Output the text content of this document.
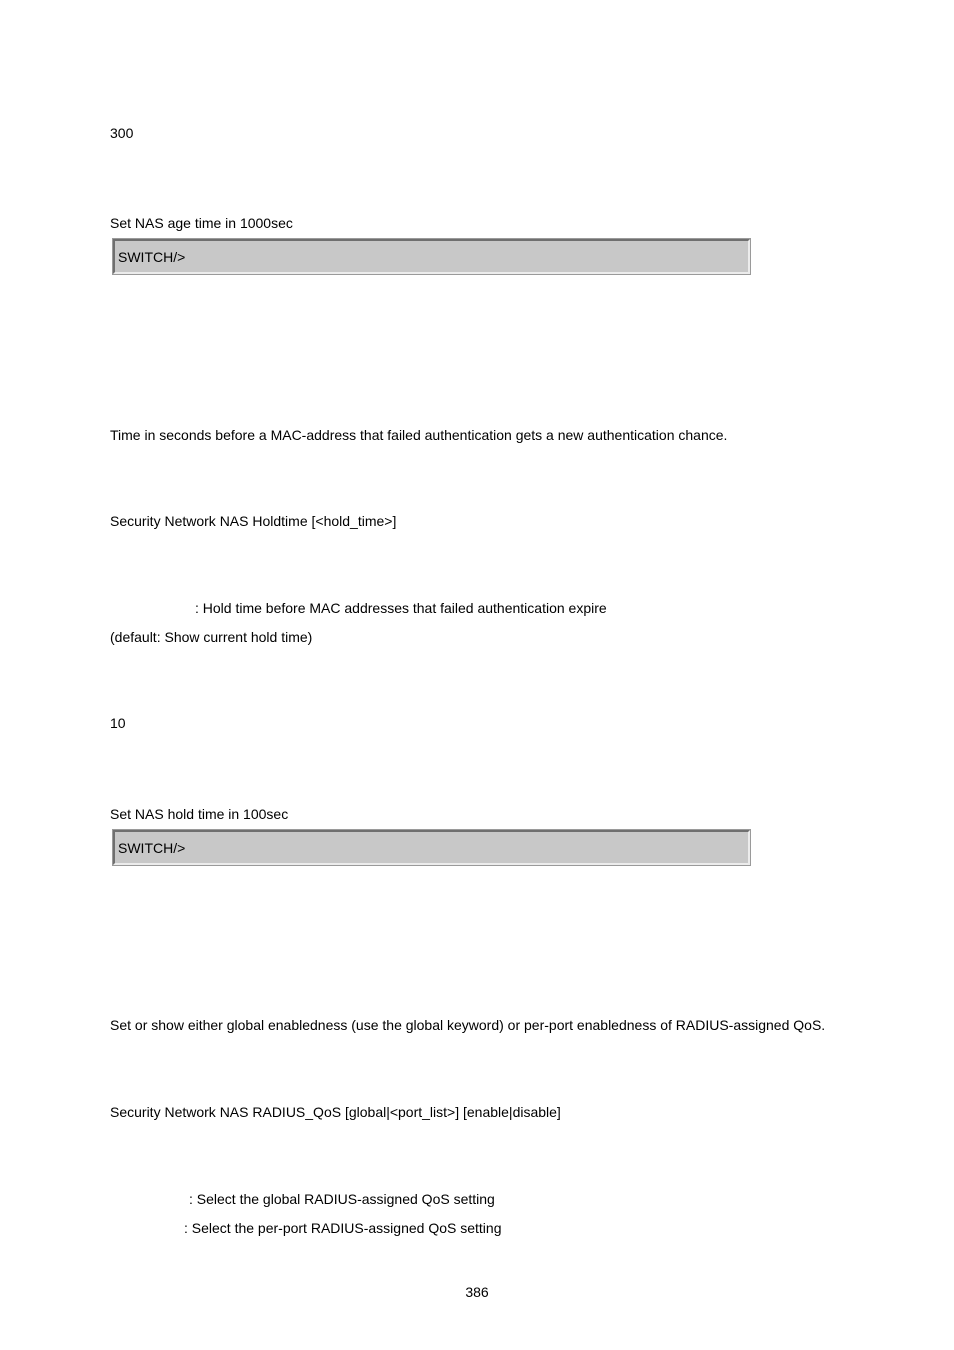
300
Set NAS age time in 1000sec
SWITCH/>
Time in seconds before a MAC-address that failed authentication gets a new authentication chance.
Security Network NAS Holdtime [<hold_time>]
: Hold time before MAC addresses that failed authentication expire
(default: Show current hold time)
10
Set NAS hold time in 100sec
SWITCH/>
Set or show either global enabledness (use the global keyword) or per-port enabledness of RADIUS-assigned QoS.
Security Network NAS RADIUS_QoS [global|<port_list>] [enable|disable]
: Select the global RADIUS-assigned QoS setting
: Select the per-port RADIUS-assigned QoS setting
386
